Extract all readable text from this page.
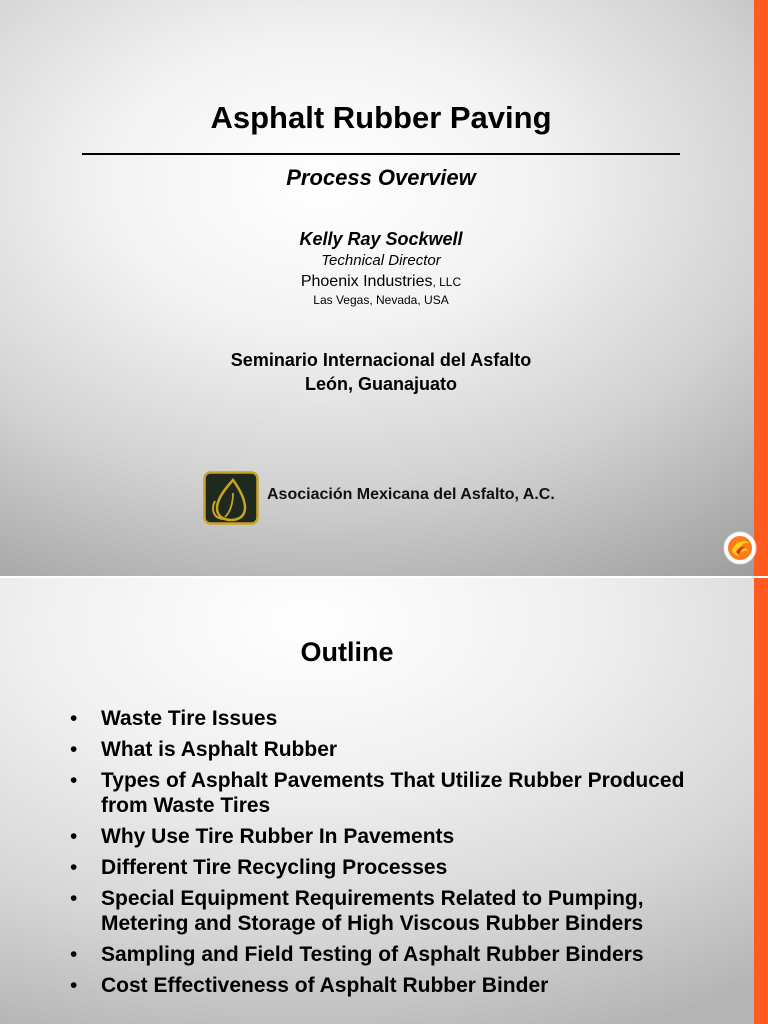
Asphalt Rubber Paving
Process Overview
Kelly Ray Sockwell
Technical Director
Phoenix Industries, LLC
Las Vegas, Nevada, USA
Seminario Internacional del Asfalto
León, Guanajuato
Asociación Mexicana del Asfalto, A.C.
Outline
• Waste Tire Issues
• What is Asphalt Rubber
• Types of Asphalt Pavements That Utilize Rubber Produced from Waste Tires
• Why Use Tire Rubber In Pavements
• Different Tire Recycling Processes
• Special Equipment Requirements Related to Pumping, Metering and Storage of High Viscous Rubber Binders
• Sampling and Field Testing of Asphalt Rubber Binders
• Cost Effectiveness of Asphalt Rubber Binder
